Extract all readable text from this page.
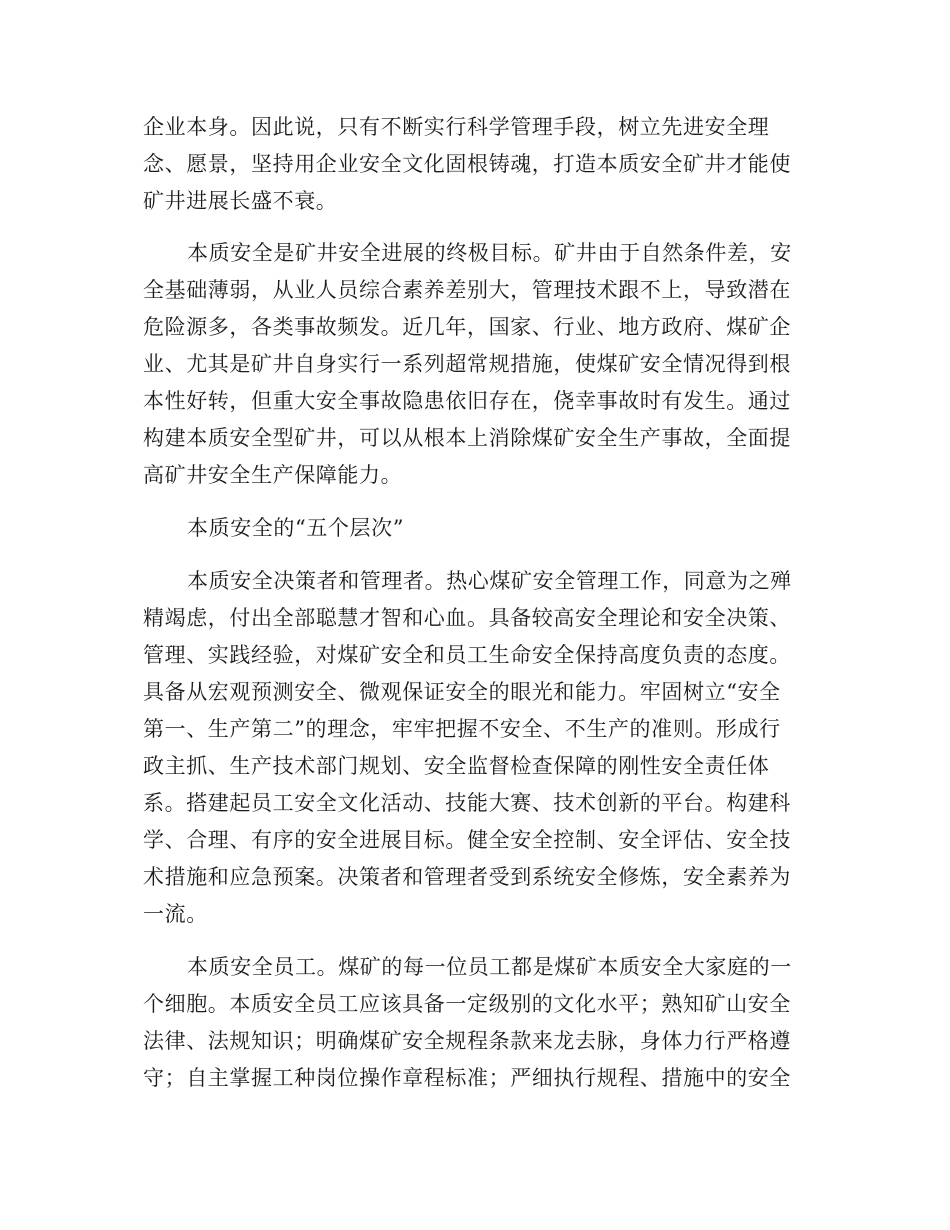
企业本身。因此说，只有不断实行科学管理手段，树立先进安全理
念、愿景，坚持用企业安全文化固根铸魂，打造本质安全矿井才能使
矿井进展长盛不衰。
本质安全是矿井安全进展的终极目标。矿井由于自然条件差，安
全基础薄弱，从业人员综合素养差别大，管理技术跟不上，导致潜在
危险源多，各类事故频发。近几年，国家、行业、地方政府、煤矿企
业、尤其是矿井自身实行一系列超常规措施，使煤矿安全情况得到根
本性好转，但重大安全事故隐患依旧存在，侥幸事故时有发生。通过
构建本质安全型矿井，可以从根本上消除煤矿安全生产事故，全面提
高矿井安全生产保障能力。
本质安全的“五个层次”
本质安全决策者和管理者。热心煤矿安全管理工作，同意为之殚
精竭虑，付出全部聪慧才智和心血。具备较高安全理论和安全决策、
管理、实践经验，对煤矿安全和员工生命安全保持高度负责的态度。
具备从宏观预测安全、微观保证安全的眼光和能力。牢固树立“安全
第一、生产第二”的理念，牢牢把握不安全、不生产的准则。形成行
政主抓、生产技术部门规划、安全监督检查保障的刚性安全责任体
系。搭建起员工安全文化活动、技能大赛、技术创新的平台。构建科
学、合理、有序的安全进展目标。健全安全控制、安全评估、安全技
术措施和应急预案。决策者和管理者受到系统安全修炼，安全素养为
一流。
本质安全员工。煤矿的每一位员工都是煤矿本质安全大家庭的一
个细胞。本质安全员工应该具备一定级别的文化水平；熟知矿山安全
法律、法规知识；明确煤矿安全规程条款来龙去脉，身体力行严格遵
守；自主掌握工种岗位操作章程标准；严细执行规程、措施中的安全
